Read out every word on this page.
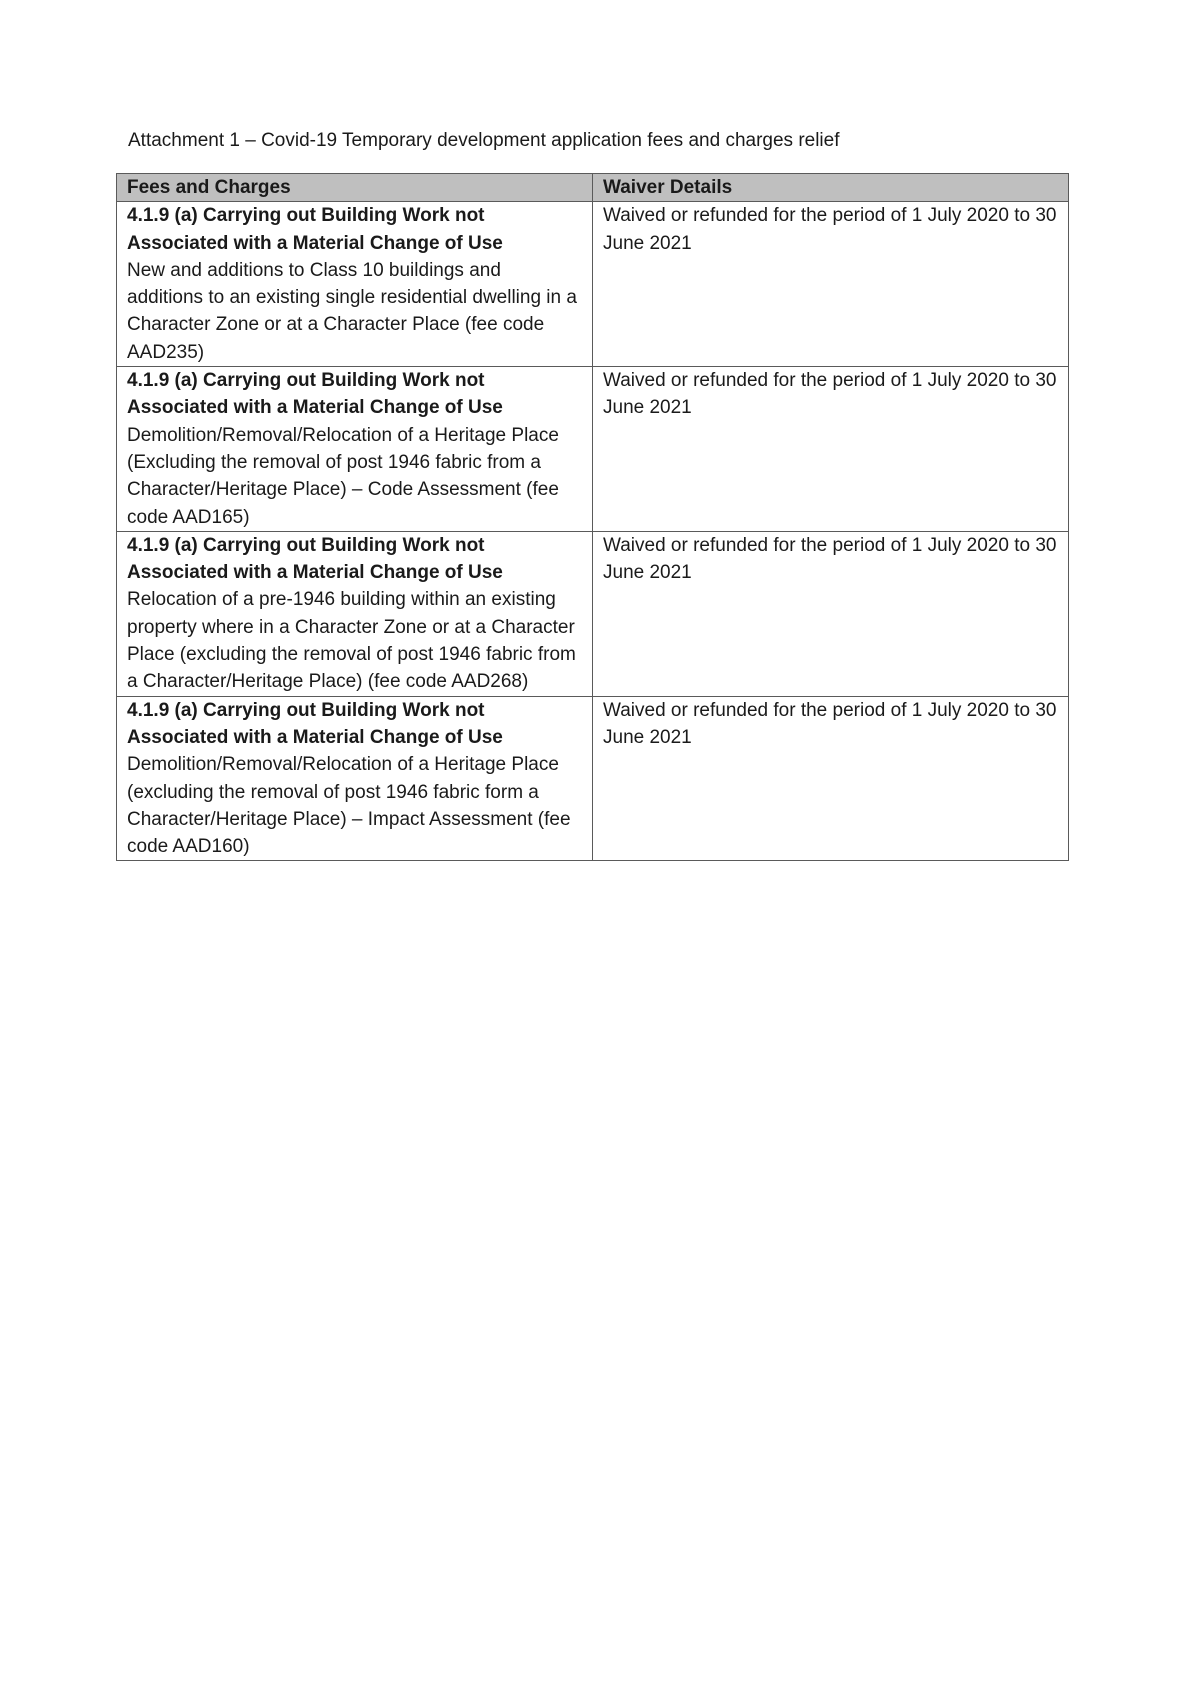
Attachment 1 – Covid-19 Temporary development application fees and charges relief
Fees and Charges	Waiver Details

4.1.9 (a) Carrying out Building Work not Associated with a Material Change of Use
New and additions to Class 10 buildings and additions to an existing single residential dwelling in a Character Zone or at a Character Place (fee code AAD235)	Waived or refunded for the period of 1 July 2020 to 30 June 2021

4.1.9 (a) Carrying out Building Work not Associated with a Material Change of Use
Demolition/Removal/Relocation of a Heritage Place (Excluding the removal of post 1946 fabric from a Character/Heritage Place) – Code Assessment (fee code AAD165)	Waived or refunded for the period of 1 July 2020 to 30 June 2021

4.1.9 (a) Carrying out Building Work not Associated with a Material Change of Use
Relocation of a pre-1946 building within an existing property where in a Character Zone or at a Character Place (excluding the removal of post 1946 fabric from a Character/Heritage Place) (fee code AAD268)	Waived or refunded for the period of 1 July 2020 to 30 June 2021

4.1.9 (a) Carrying out Building Work not Associated with a Material Change of Use
Demolition/Removal/Relocation of a Heritage Place (excluding the removal of post 1946 fabric form a Character/Heritage Place) – Impact Assessment (fee code AAD160)	Waived or refunded for the period of 1 July 2020 to 30 June 2021
